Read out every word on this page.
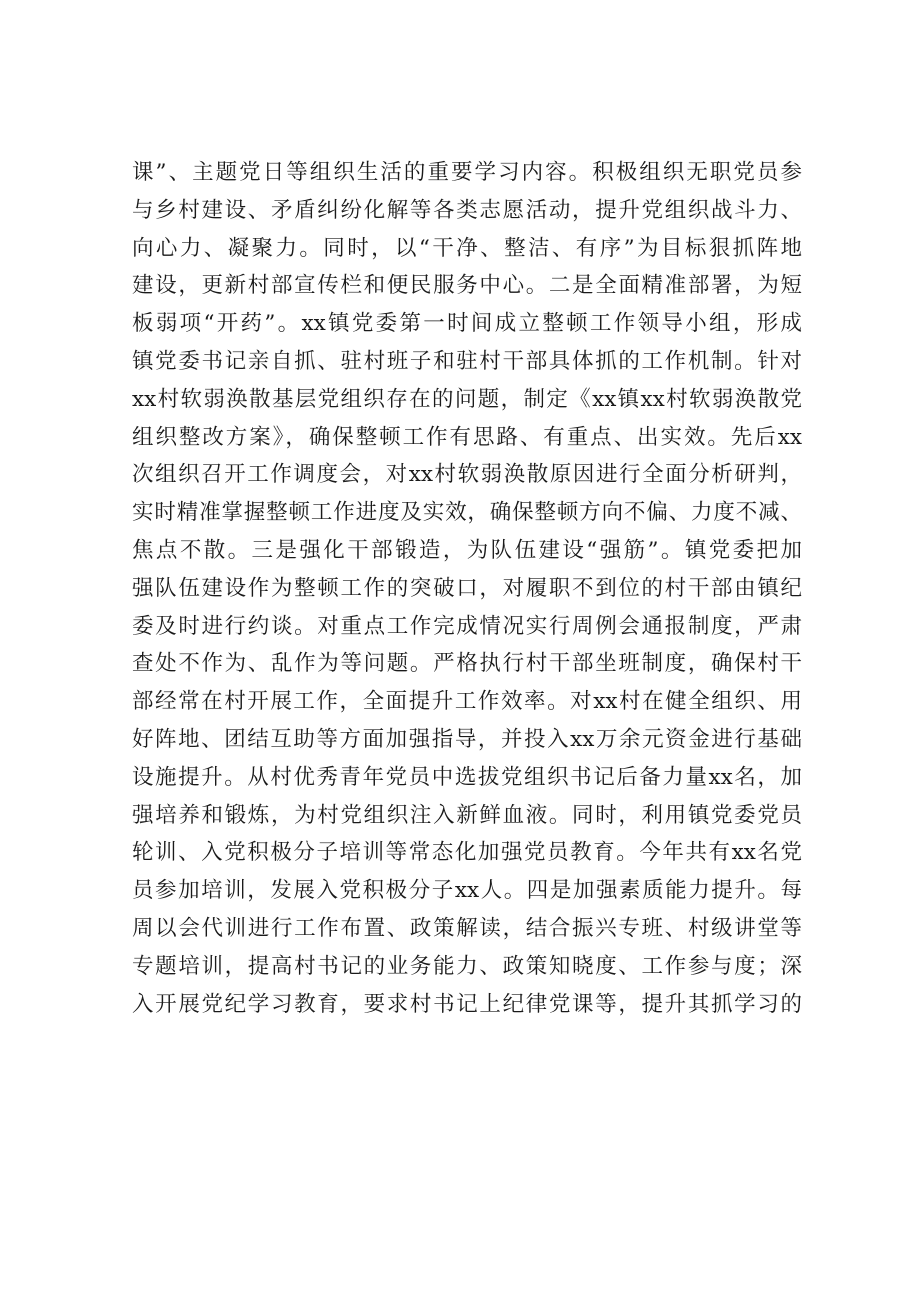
课”、主题党日等组织生活的重要学习内容。积极组织无职党员参
与乡村建设、矛盾纠纷化解等各类志愿活动，提升党组织战斗力、
向心力、凝聚力。同时，以“干净、整洁、有序”为目标狠抓阵地
建设，更新村部宣传栏和便民服务中心。二是全面精准部署，为短
板弱项“开药”。xx镇党委第一时间成立整顿工作领导小组，形成
镇党委书记亲自抓、驻村班子和驻村干部具体抓的工作机制。针对
xx村软弱涣散基层党组织存在的问题，制定《xx镇xx村软弱涣散党
组织整改方案》，确保整顿工作有思路、有重点、出实效。先后xx
次组织召开工作调度会，对xx村软弱涣散原因进行全面分析研判，
实时精准掌握整顿工作进度及实效，确保整顿方向不偏、力度不减、
焦点不散。三是强化干部锻造，为队伍建设“强筋”。镇党委把加
强队伍建设作为整顿工作的突破口，对履职不到位的村干部由镇纪
委及时进行约谈。对重点工作完成情况实行周例会通报制度，严肃
查处不作为、乱作为等问题。严格执行村干部坐班制度，确保村干
部经常在村开展工作，全面提升工作效率。对xx村在健全组织、用
好阵地、团结互助等方面加强指导，并投入xx万余元资金进行基础
设施提升。从村优秀青年党员中选拔党组织书记后备力量xx名，加
强培养和锻炼，为村党组织注入新鲜血液。同时，利用镇党委党员
轮训、入党积极分子培训等常态化加强党员教育。今年共有xx名党
员参加培训，发展入党积极分子xx人。四是加强素质能力提升。每
周以会代训进行工作布置、政策解读，结合振兴专班、村级讲堂等
专题培训，提高村书记的业务能力、政策知晓度、工作参与度；深
入开展党纪学习教育，要求村书记上纪律党课等，提升其抓学习的
